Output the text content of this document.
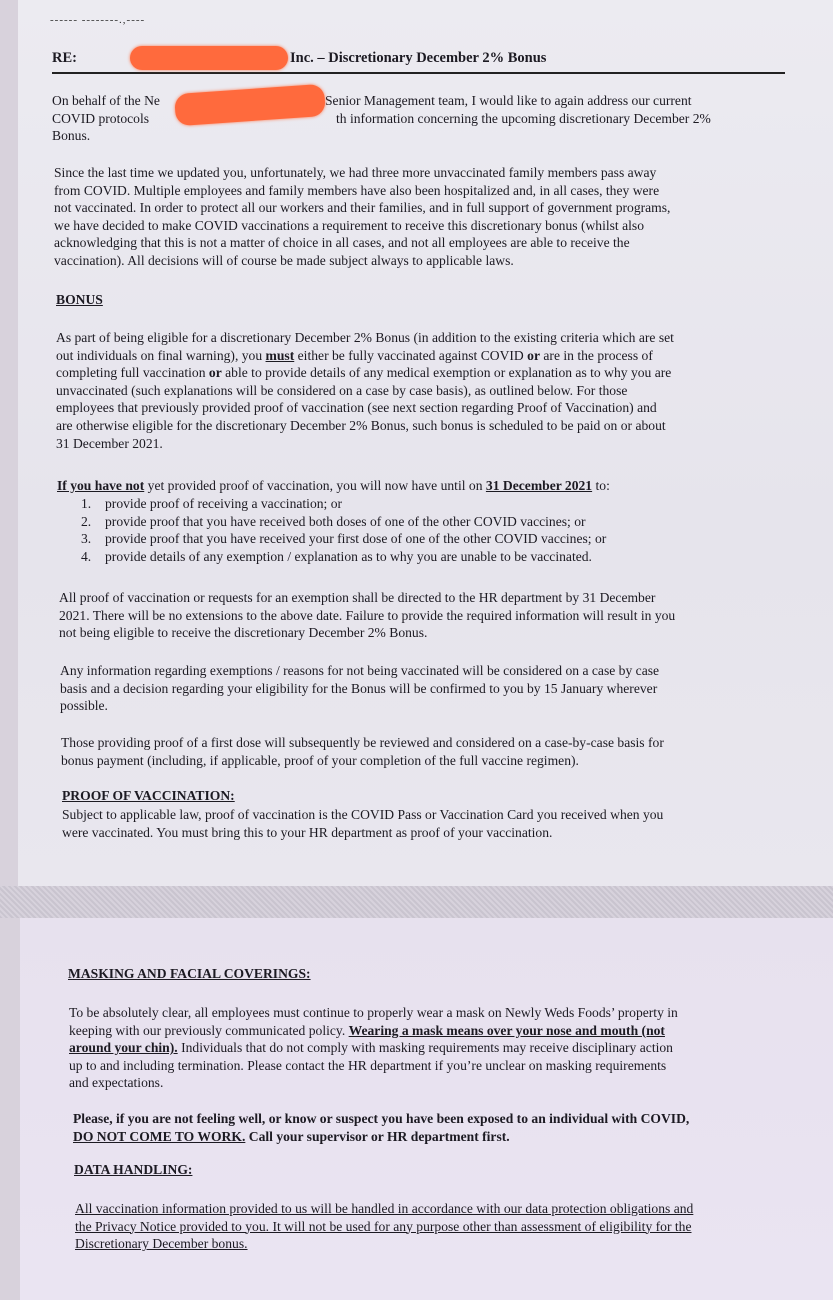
------ --------.,----
RE:	Inc. – Discretionary December 2% Bonus
On behalf of the Ne	Senior Management team, I would like to again address our current
COVID protocols	th information concerning the upcoming discretionary December 2%
Bonus.
Since the last time we updated you, unfortunately, we had three more unvaccinated family members pass away
from COVID. Multiple employees and family members have also been hospitalized and, in all cases, they were
not vaccinated. In order to protect all our workers and their families, and in full support of government programs,
we have decided to make COVID vaccinations a requirement to receive this discretionary bonus (whilst also
acknowledging that this is not a matter of choice in all cases, and not all employees are able to receive the
vaccination). All decisions will of course be made subject always to applicable laws.
BONUS
As part of being eligible for a discretionary December 2% Bonus (in addition to the existing criteria which are set
out individuals on final warning), you must either be fully vaccinated against COVID or are in the process of
completing full vaccination or able to provide details of any medical exemption or explanation as to why you are
unvaccinated (such explanations will be considered on a case by case basis), as outlined below. For those
employees that previously provided proof of vaccination (see next section regarding Proof of Vaccination) and
are otherwise eligible for the discretionary December 2% Bonus, such bonus is scheduled to be paid on or about
31 December 2021.
If you have not yet provided proof of vaccination, you will now have until on 31 December 2021 to:
1. provide proof of receiving a vaccination; or
2. provide proof that you have received both doses of one of the other COVID vaccines; or
3. provide proof that you have received your first dose of one of the other COVID vaccines; or
4. provide details of any exemption / explanation as to why you are unable to be vaccinated.
All proof of vaccination or requests for an exemption shall be directed to the HR department by 31 December
2021. There will be no extensions to the above date. Failure to provide the required information will result in you
not being eligible to receive the discretionary December 2% Bonus.
Any information regarding exemptions / reasons for not being vaccinated will be considered on a case by case
basis and a decision regarding your eligibility for the Bonus will be confirmed to you by 15 January wherever
possible.
Those providing proof of a first dose will subsequently be reviewed and considered on a case-by-case basis for
bonus payment (including, if applicable, proof of your completion of the full vaccine regimen).
PROOF OF VACCINATION:
Subject to applicable law, proof of vaccination is the COVID Pass or Vaccination Card you received when you
were vaccinated. You must bring this to your HR department as proof of your vaccination.
MASKING AND FACIAL COVERINGS:
To be absolutely clear, all employees must continue to properly wear a mask on Newly Weds Foods’ property in
keeping with our previously communicated policy. Wearing a mask means over your nose and mouth (not
around your chin). Individuals that do not comply with masking requirements may receive disciplinary action
up to and including termination. Please contact the HR department if you’re unclear on masking requirements
and expectations.
Please, if you are not feeling well, or know or suspect you have been exposed to an individual with COVID,
DO NOT COME TO WORK. Call your supervisor or HR department first.
DATA HANDLING:
All vaccination information provided to us will be handled in accordance with our data protection obligations and
the Privacy Notice provided to you. It will not be used for any purpose other than assessment of eligibility for the
Discretionary December bonus.
